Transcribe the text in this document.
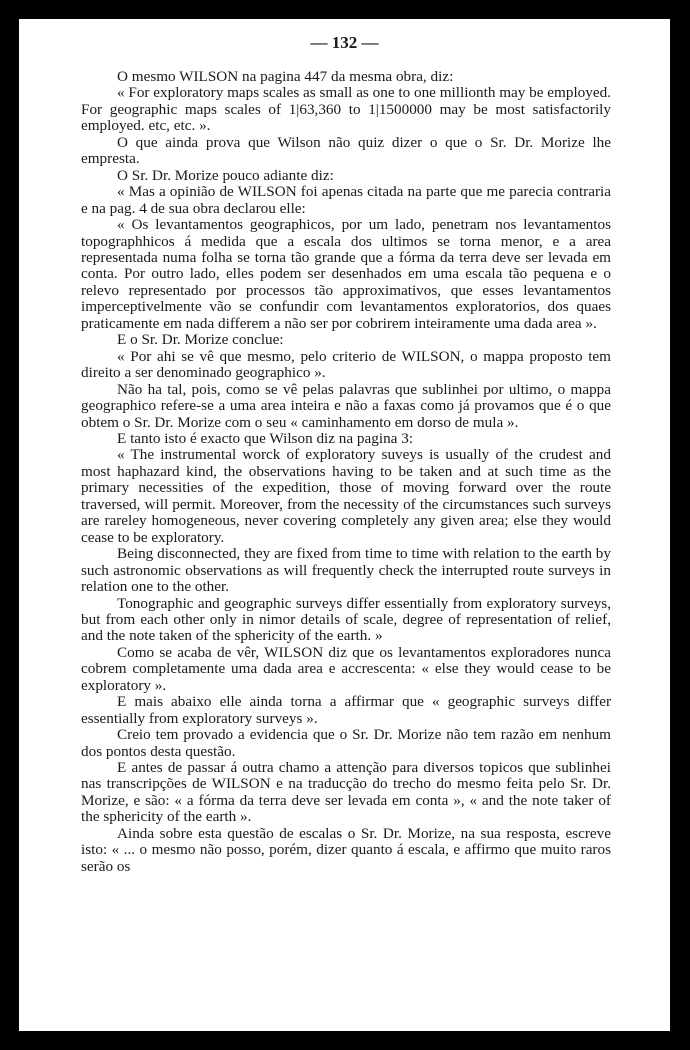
— 132 —

O mesmo WILSON na pagina 447 da mesma obra, diz:

« For exploratory maps scales as small as one to one millionth may be employed. For geographic maps scales of 1|63,360 to 1|1500000 may be most satisfactorily employed. etc, etc. ».

O que ainda prova que Wilson não quiz dizer o que o Sr. Dr. Morize lhe empresta.

O Sr. Dr. Morize pouco adiante diz:

« Mas a opinião de WILSON foi apenas citada na parte que me parecia contraria e na pag. 4 de sua obra declarou elle:

« Os levantamentos geographicos, por um lado, penetram nos levantamentos topographhicos á medida que a escala dos ultimos se torna menor, e a area representada numa folha se torna tão grande que a fórma da terra deve ser levada em conta. Por outro lado, elles podem ser desenhados em uma escala tão pequena e o relevo representado por processos tão approximativos, que esses levantamentos imperceptivelmente vão se confundir com levantamentos exploratorios, dos quaes praticamente em nada differem a não ser por cobrirem inteiramente uma dada area ».

E o Sr. Dr. Morize conclue:

« Por ahi se vê que mesmo, pelo criterio de WILSON, o mappa proposto tem direito a ser denominado geographico ».

Não ha tal, pois, como se vê pelas palavras que sublinhei por ultimo, o mappa geographico refere-se a uma area inteira e não a faxas como já provamos que é o que obtem o Sr. Dr. Morize com o seu « caminhamento em dorso de mula ».

E tanto isto é exacto que Wilson diz na pagina 3:

« The instrumental worck of exploratory suveys is usually of the crudest and most haphazard kind, the observations having to be taken and at such time as the primary necessities of the expedition, those of moving forward over the route traversed, will permit. Moreover, from the necessity of the circumstances such surveys are rareley homogeneous, never covering completely any given area; else they would cease to be exploratory.

Being disconnected, they are fixed from time to time with relation to the earth by such astronomic observations as will frequently check the interrupted route surveys in relation one to the other.

Tonographic and geographic surveys differ essentially from exploratory surveys, but from each other only in nimor details of scale, degree of representation of relief, and the note taken of the sphericity of the earth. »

Como se acaba de vêr, WILSON diz que os levantamentos exploradores nunca cobrem completamente uma dada area e accrescenta: « else they would cease to be exploratory ».

E mais abaixo elle ainda torna a affirmar que « geographic surveys differ essentially from exploratory surveys ».

Creio tem provado a evidencia que o Sr. Dr. Morize não tem razão em nenhum dos pontos desta questão.

E antes de passar á outra chamo a attenção para diversos topicos que sublinhei nas transcripções de WILSON e na traducção do trecho do mesmo feita pelo Sr. Dr. Morize, e são: « a fórma da terra deve ser levada em conta », « and the note taker of the sphericity of the earth ».

Ainda sobre esta questão de escalas o Sr. Dr. Morize, na sua resposta, escreve isto: « ... o mesmo não posso, porém, dizer quanto á escala, e affirmo que muito raros serão os
